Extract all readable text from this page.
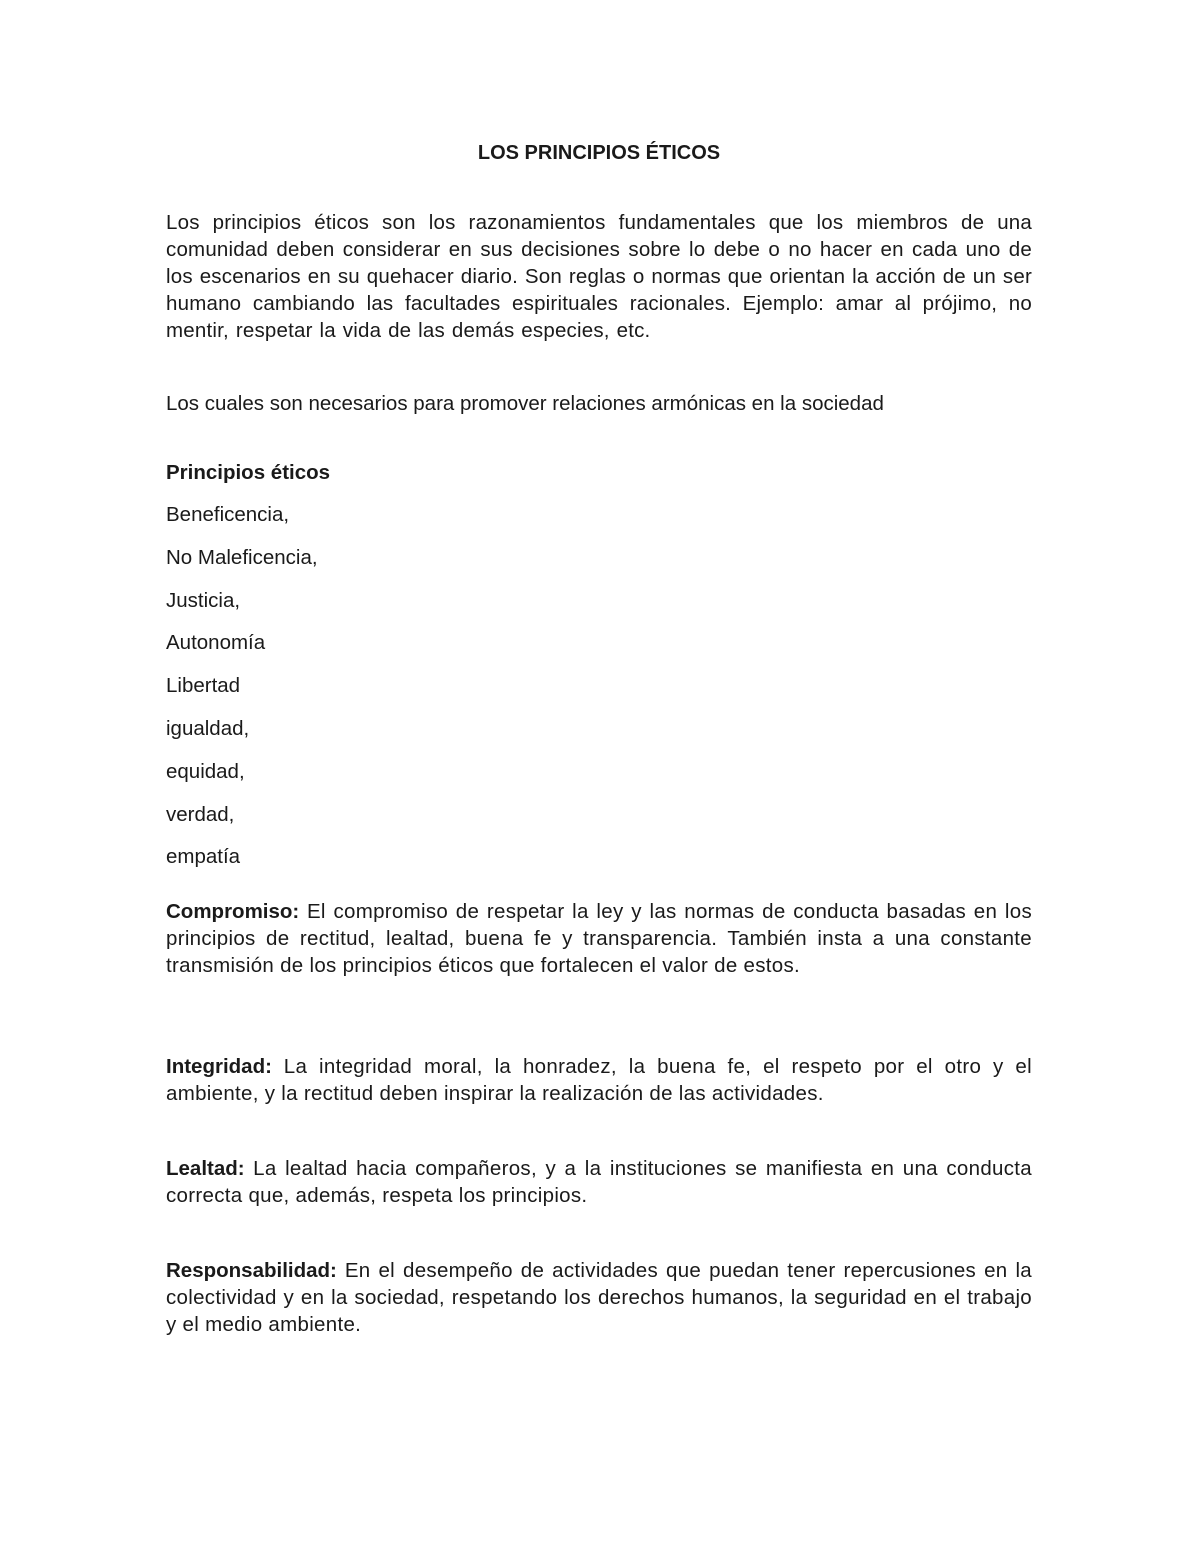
LOS PRINCIPIOS ÉTICOS

Los principios éticos son los razonamientos fundamentales que los miembros de una comunidad deben considerar en sus decisiones sobre lo debe o no hacer en cada uno de los escenarios en su quehacer diario. Son reglas o normas que orientan la acción de un ser humano cambiando las facultades espirituales racionales. Ejemplo: amar al prójimo, no mentir, respetar la vida de las demás especies, etc.

Los cuales son necesarios para promover relaciones armónicas en la sociedad

Principios éticos
Beneficencia,
No Maleficencia,
Justicia,
Autonomía
Libertad
igualdad,
equidad,
verdad,
empatía

Compromiso: El compromiso de respetar la ley y las normas de conducta basadas en los principios de rectitud, lealtad, buena fe y transparencia. También insta a una constante transmisión de los principios éticos que fortalecen el valor de estos.

Integridad: La integridad moral, la honradez, la buena fe, el respeto por el otro y el ambiente, y la rectitud deben inspirar la realización de las actividades.

Lealtad: La lealtad hacia compañeros, y a la instituciones se manifiesta en una conducta correcta que, además, respeta los principios.

Responsabilidad: En el desempeño de actividades que puedan tener repercusiones en la colectividad y en la sociedad, respetando los derechos humanos, la seguridad en el trabajo y el medio ambiente.
